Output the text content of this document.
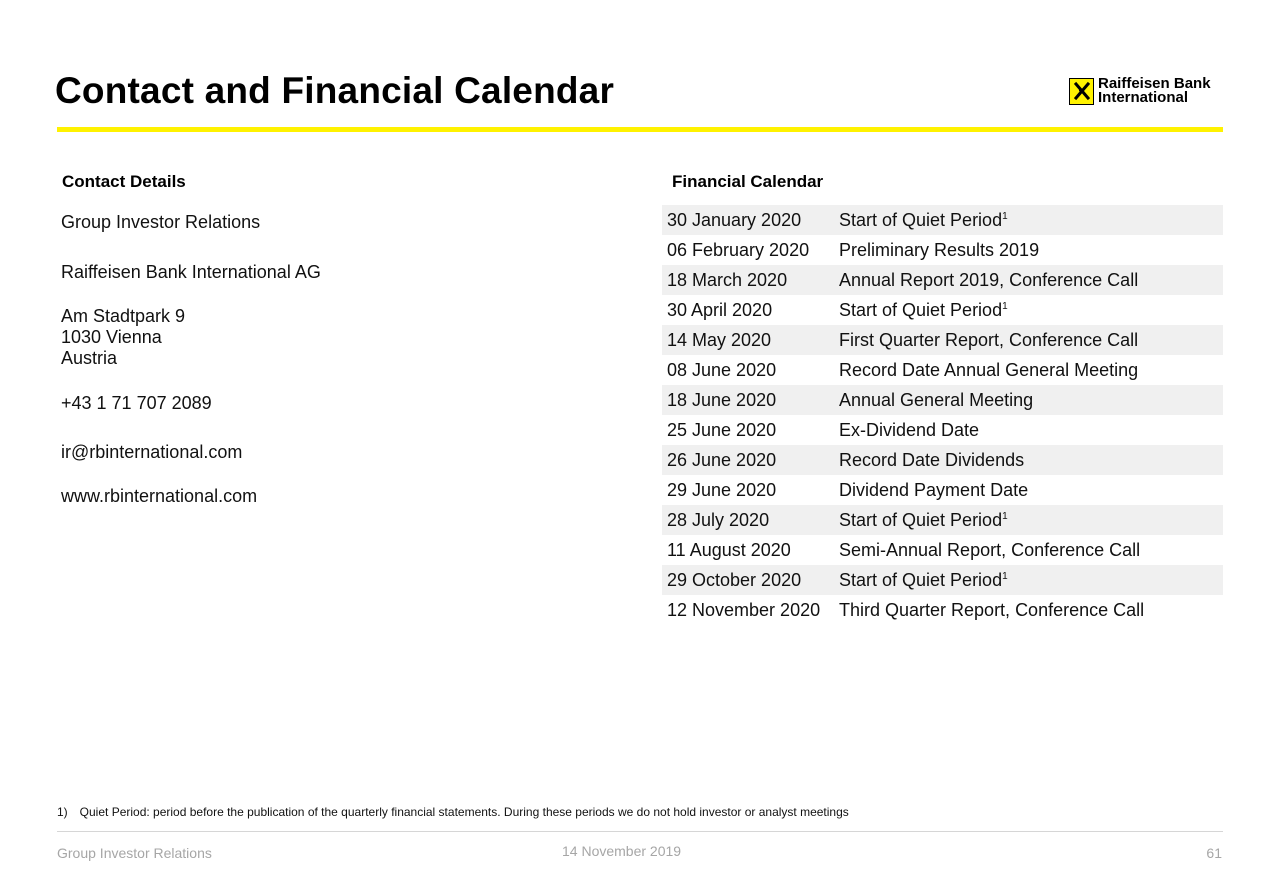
Contact and Financial Calendar	Raiffeisen Bank
International
Contact Details
Group Investor Relations
Raiffeisen Bank International AG
Am Stadtpark 9
1030 Vienna
Austria
+43 1 71 707 2089
ir@rbinternational.com
www.rbinternational.com
Financial Calendar
30 January 2020	Start of Quiet Period$^1$
06 February 2020	Preliminary Results 2019
18 March 2020	Annual Report 2019, Conference Call
30 April 2020	Start of Quiet Period$^1$
14 May 2020	First Quarter Report, Conference Call
08 June 2020	Record Date Annual General Meeting
18 June 2020	Annual General Meeting
25 June 2020	Ex-Dividend Date
26 June 2020	Record Date Dividends
29 June 2020	Dividend Payment Date
28 July 2020	Start of Quiet Period$^1$
11 August 2020	Semi-Annual Report, Conference Call
29 October 2020	Start of Quiet Period$^1$
12 November 2020	Third Quarter Report, Conference Call
1) Quiet Period: period before the publication of the quarterly financial statements. During these periods we do not hold investor or analyst meetings
Group Investor Relations	14 November 2019	61
